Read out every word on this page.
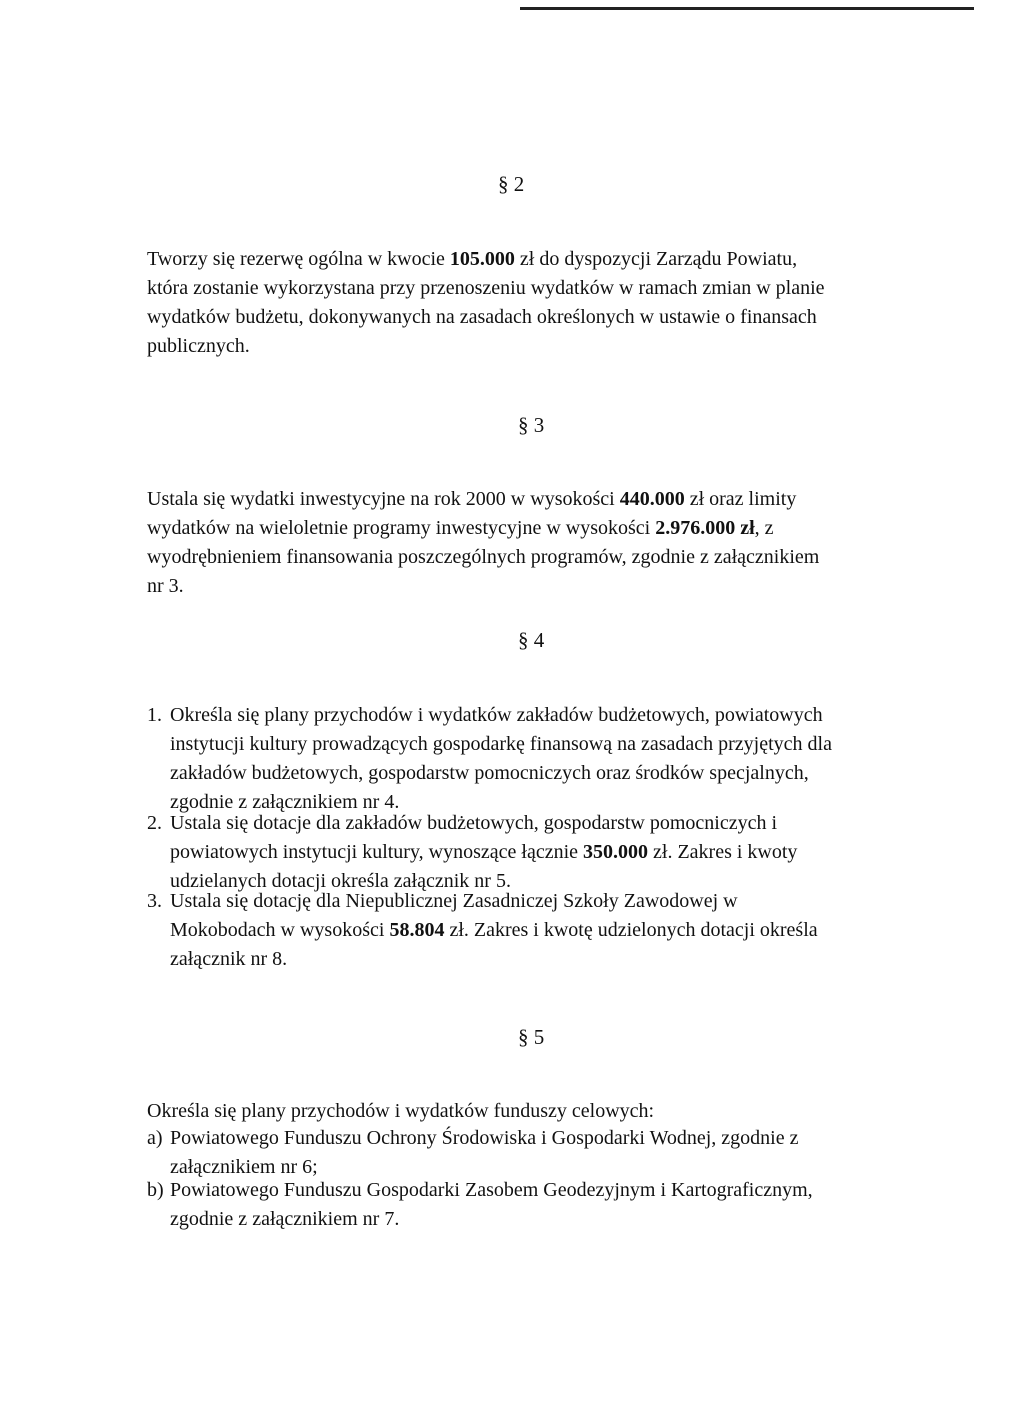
§ 2
Tworzy się rezerwę ogólna w kwocie 105.000 zł do dyspozycji Zarządu Powiatu,
która zostanie wykorzystana przy przenoszeniu wydatków w ramach zmian w planie
wydatków budżetu, dokonywanych na zasadach określonych w ustawie o finansach
publicznych.
§ 3
Ustala się wydatki inwestycyjne na rok 2000 w wysokości 440.000 zł oraz limity
wydatków na wieloletnie programy inwestycyjne w wysokości 2.976.000 zł, z
wyodrębnieniem finansowania poszczególnych programów, zgodnie z załącznikiem
nr 3.
§ 4
1. Określa się plany przychodów i wydatków zakładów budżetowych, powiatowych
instytucji kultury prowadzących gospodarkę finansową na zasadach przyjętych dla
zakładów budżetowych, gospodarstw pomocniczych oraz środków specjalnych,
zgodnie z załącznikiem nr 4.
2. Ustala się dotacje dla zakładów budżetowych, gospodarstw pomocniczych i
powiatowych instytucji kultury, wynoszące łącznie 350.000 zł. Zakres i kwoty
udzielanych dotacji określa załącznik nr 5.
3. Ustala się dotację dla Niepublicznej Zasadniczej Szkoły Zawodowej w
Mokobodach w wysokości 58.804 zł. Zakres i kwotę udzielonych dotacji określa
załącznik nr 8.
§ 5
Określa się plany przychodów i wydatków funduszy celowych:
a) Powiatowego Funduszu Ochrony Środowiska i Gospodarki Wodnej, zgodnie z
załącznikiem nr 6;
b) Powiatowego Funduszu Gospodarki Zasobem Geodezyjnym i Kartograficznym,
zgodnie z załącznikiem nr 7.
